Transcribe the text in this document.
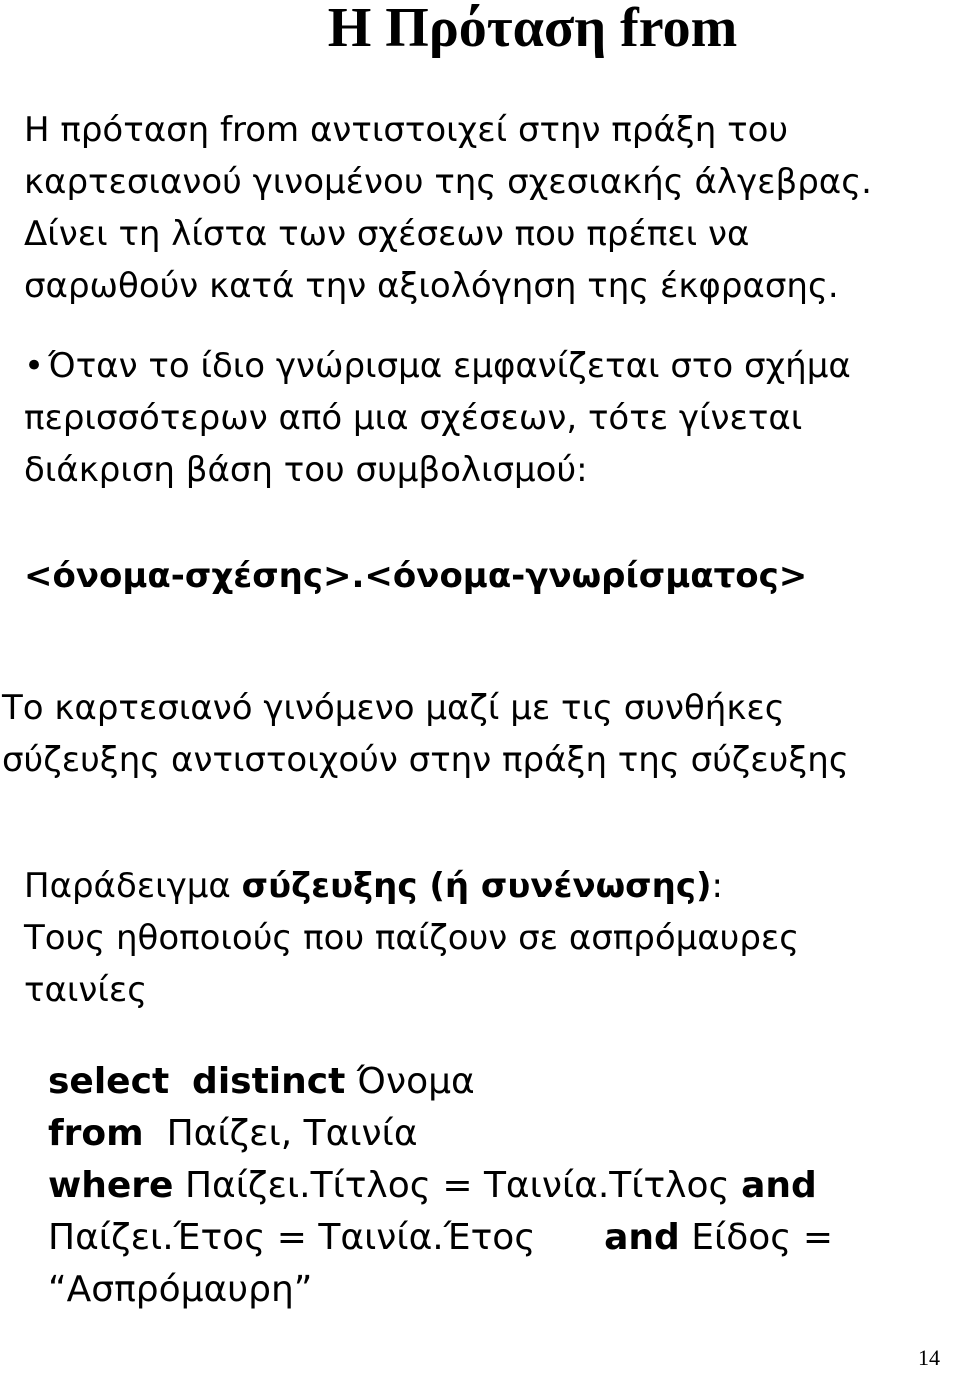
Η Πρόταση from
Η πρόταση from αντιστοιχεί στην πράξη του
καρτεσιανού γινομένου της σχεσιακής άλγεβρας.
Δίνει τη λίστα των σχέσεων που πρέπει να
σαρωθούν κατά την αξιολόγηση της έκφρασης.
• Όταν το ίδιο γνώρισμα εμφανίζεται στο σχήμα
περισσότερων από μια σχέσεων, τότε γίνεται
διάκριση βάση του συμβολισμού:
<όνομα-σχέσης>.<όνομα-γνωρίσματος>
Το καρτεσιανό γινόμενο μαζί με τις συνθήκες
σύζευξης αντιστοιχούν στην πράξη της σύζευξης
Παράδειγμα σύζευξης (ή συνένωσης):
Τους ηθοποιούς που παίζουν σε ασπρόμαυρες
ταινίες
select distinct Όνομα
from Παίζει, Ταινία
where Παίζει.Τίτλος = Ταινία.Τίτλος and
Παίζει.Έτος = Ταινία.Έτος and Είδος =
“Ασπρόμαυρη”
14
